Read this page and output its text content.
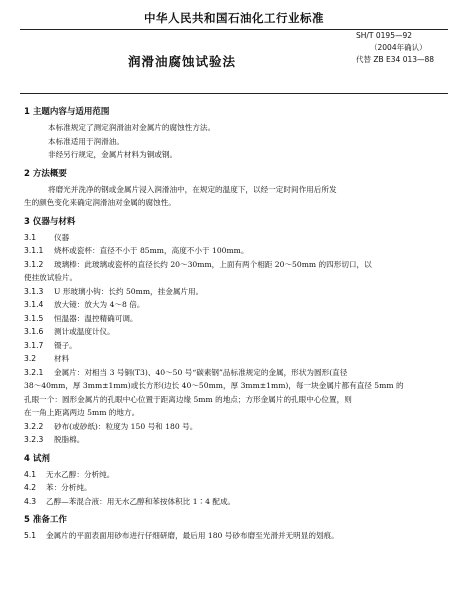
中华人民共和国石油化工行业标准
SH/T 0195—92
（2004年确认）
代替 ZB E34 013—88
润滑油腐蚀试验法

1 主题内容与适用范围

本标准规定了测定润滑油对金属片的腐蚀性方法。

本标准适用于润滑油。

非经另行规定，金属片材料为铜或钢。

2 方法概要

将磨光并洗净的钢或金属片浸入润滑油中，在规定的温度下，以经一定时间作用后所发

生的颜色变化来确定润滑油对金属的腐蚀性。

3 仪器与材料

3.1 仪器

3.1.1 烧杯或瓷杯：直径不小于 85mm，高度不小于 100mm。

3.1.2 玻璃棒：此玻璃或瓷杯的直径长约 20～30mm，上面有两个相距 20～50mm 的四形切口，以

使挂放试验片。

3.1.3 U 形玻璃小钩：长约 50mm，挂金属片用。

3.1.4 放大镜：放大为 4～8 倍。

3.1.5 恒温器：温控精确可调。

3.1.6 测计或温度计仪。

3.1.7 镊子。

3.2 材料

3.2.1 金属片：对相当 3 号铜(T3)、40～50 号“碳素钢”品标准规定的金属，形状为圆形(直径

38～40mm，厚 3mm±1mm)或长方形(边长 40～50mm，厚 3mm±1mm)，每一块金属片都有直径 5mm 的

孔眼一个：圆形金属片的孔眼中心位置于距离边缘 5mm 的地点；方形金属片的孔眼中心位置，则

在一角上距离两边 5mm 的地方。

3.2.2 砂布(或砂纸)：粒度为 150 号和 180 号。

3.2.3 脱脂棉。

4 试剂

4.1 无水乙醇：分析纯。

4.2 苯：分析纯。

4.3 乙醇—苯混合液：用无水乙醇和苯按体积比 1∶4 配成。

5 准备工作

5.1 金属片的平面表面用砂布进行仔细研磨，最后用 180 号砂布磨至光滑并无明显的划痕。
